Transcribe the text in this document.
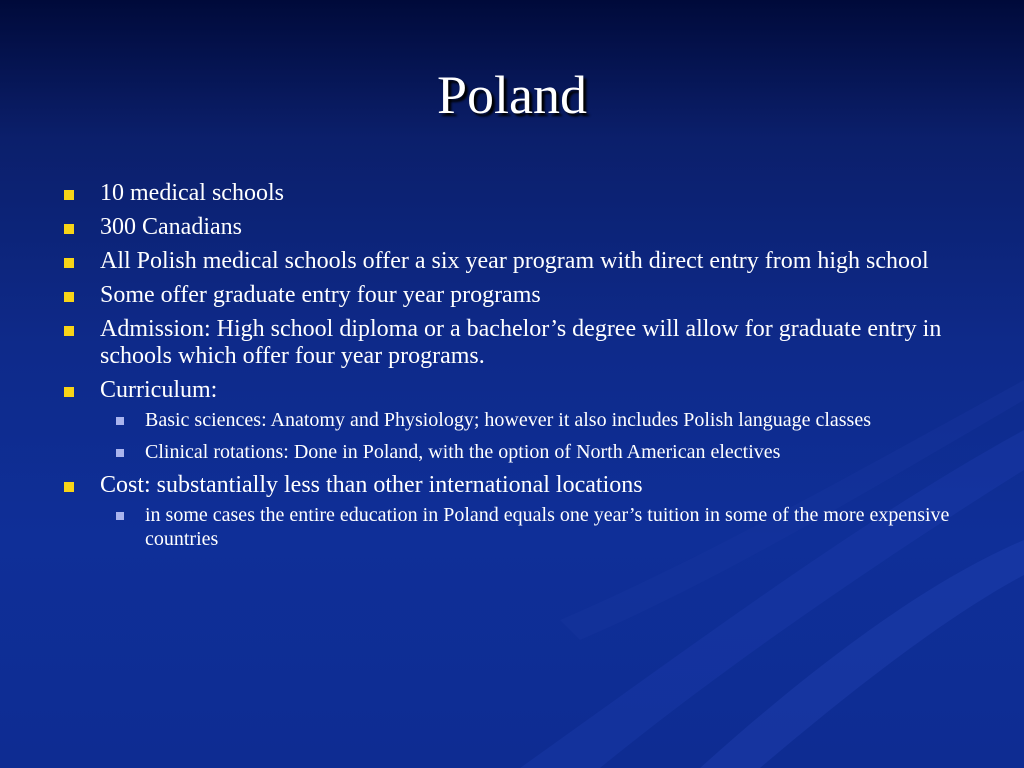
Poland
10 medical schools
300 Canadians
All Polish medical schools offer a six year program with direct entry from high school
Some offer graduate entry four year programs
Admission: High school diploma or a bachelor’s degree will allow for graduate entry in schools which offer four year programs.
Curriculum:
Basic sciences: Anatomy and Physiology; however it also includes Polish language classes
Clinical rotations: Done in Poland, with the option of North American electives
Cost: substantially less than other international locations
in some cases the entire education in Poland equals one year’s tuition in some of the more expensive countries
